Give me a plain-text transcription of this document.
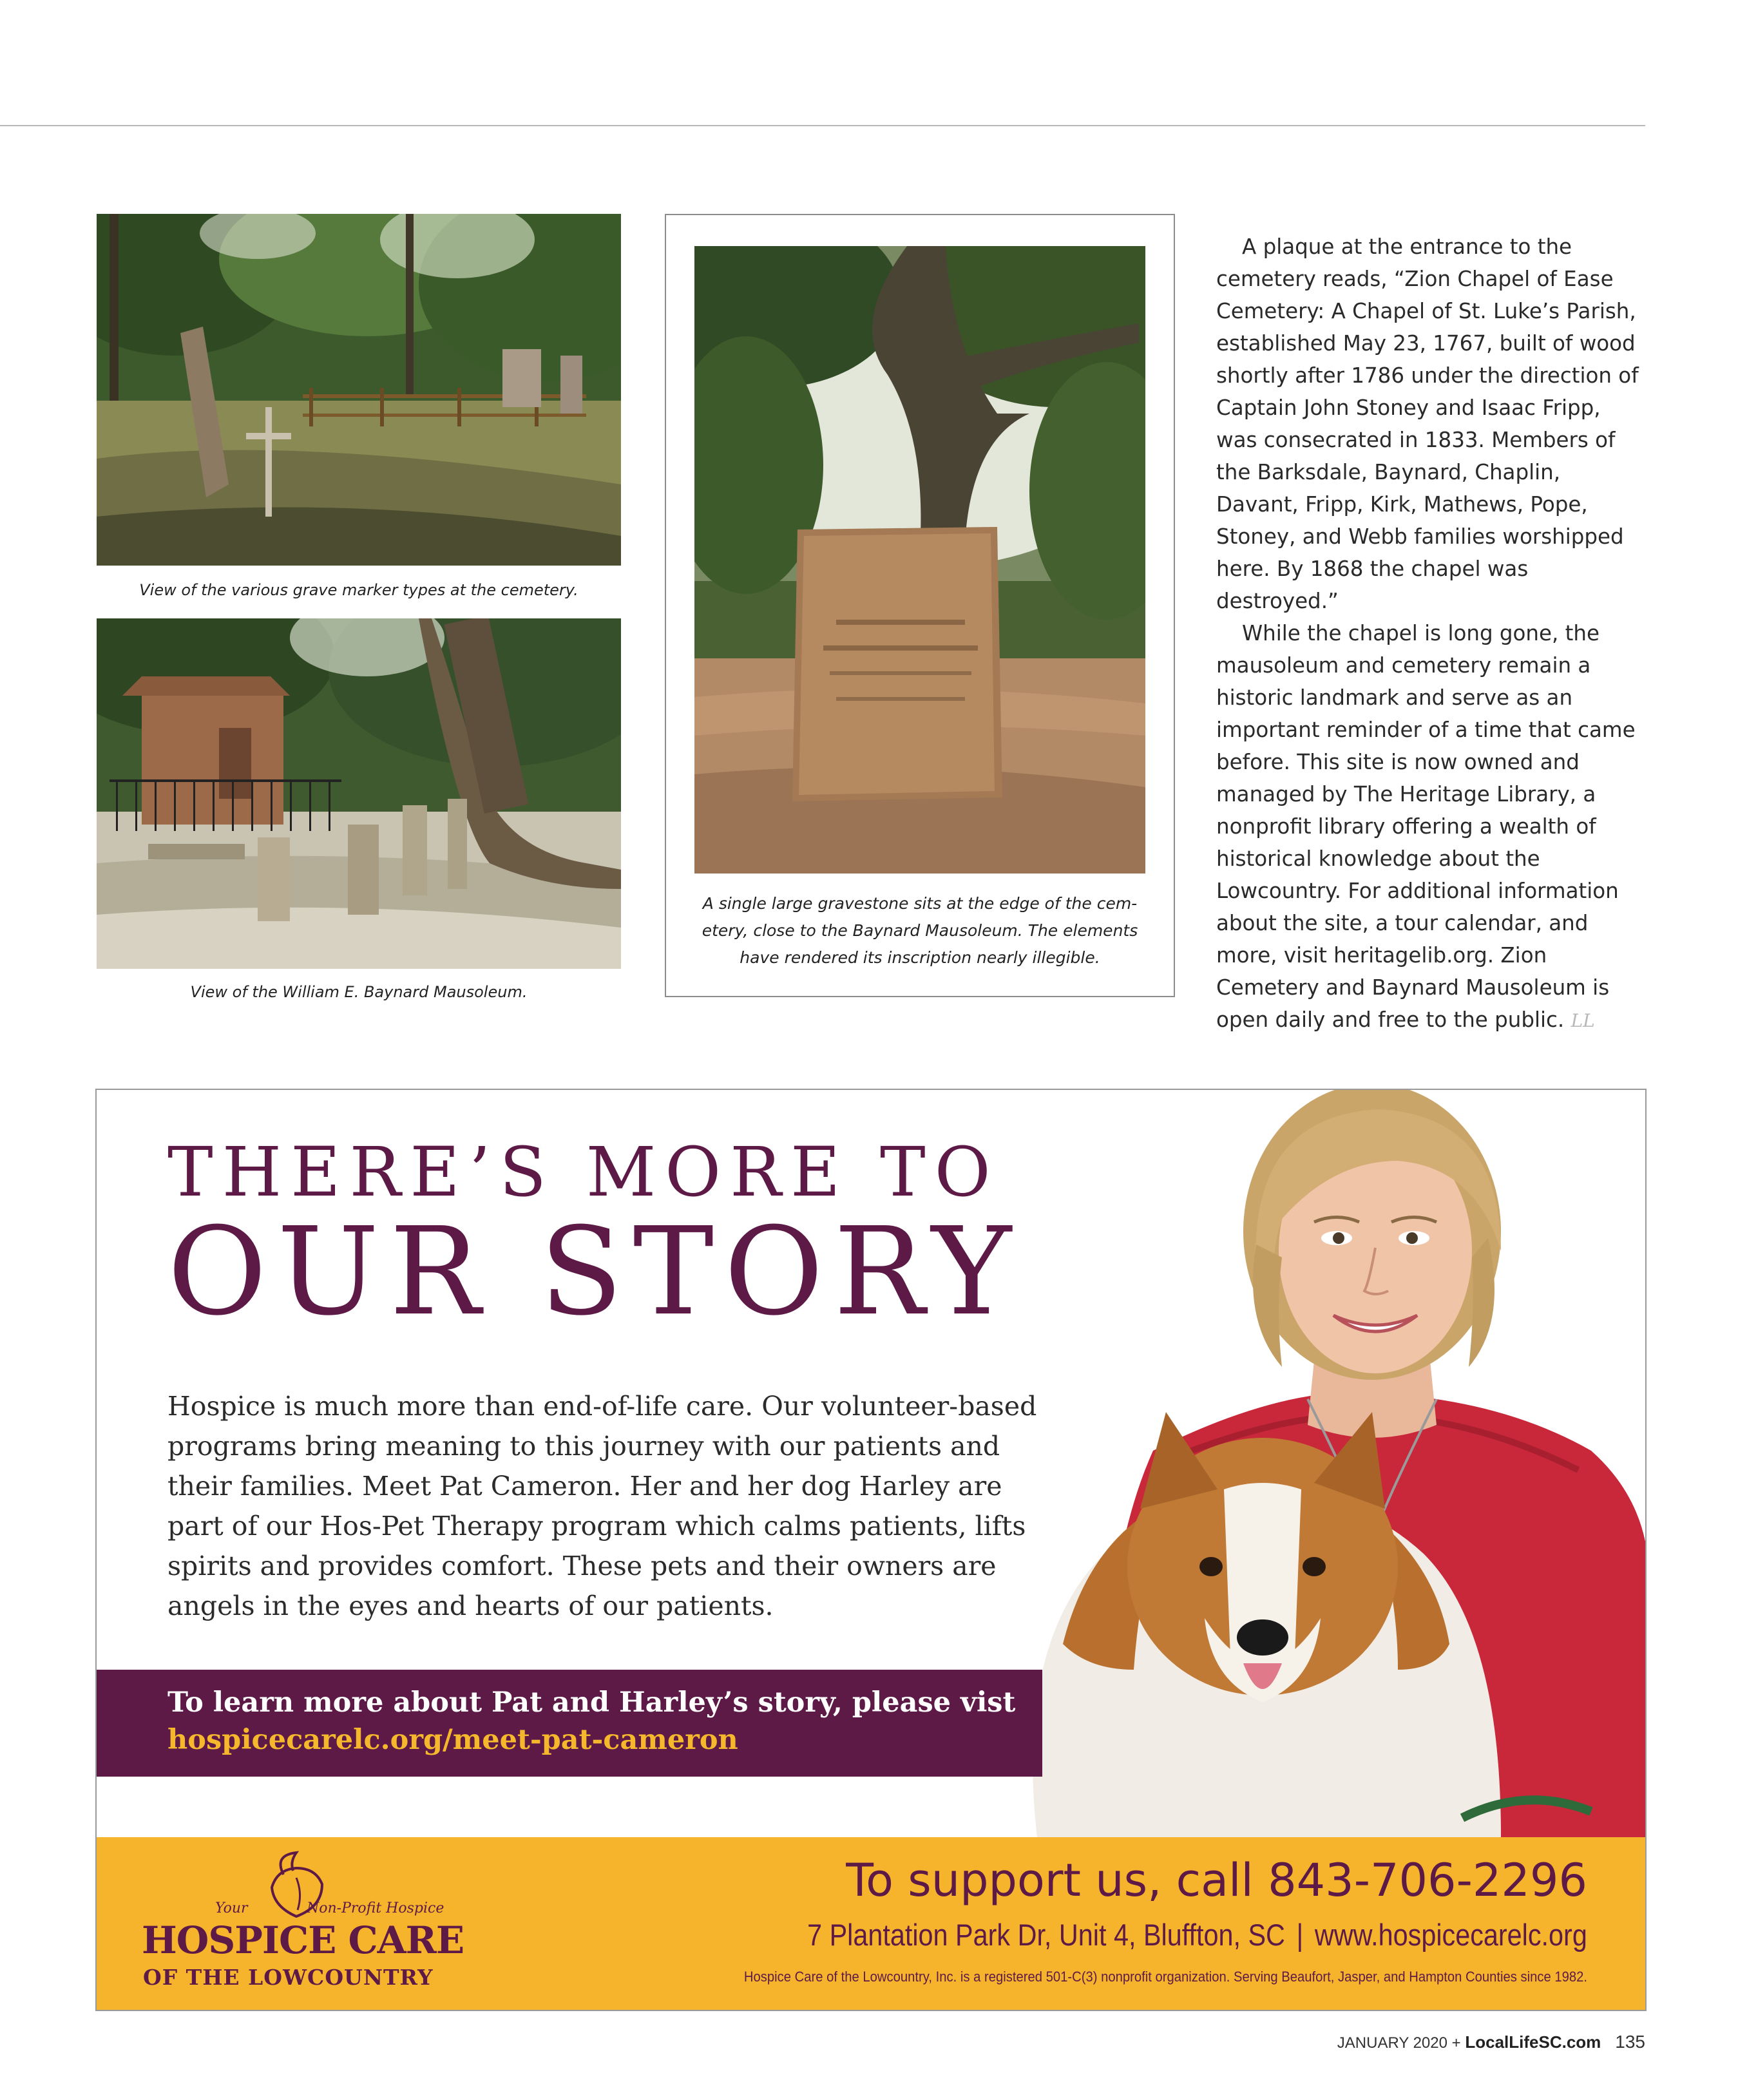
View of the various grave marker types at the cemetery.
View of the William E. Baynard Mausoleum.
A single large gravestone sits at the edge of the cem-
etery, close to the Baynard Mausoleum. The elements
have rendered its inscription nearly illegible.

A plaque at the entrance to the cemetery reads, “Zion Chapel of Ease Cemetery: A Chapel of St. Luke’s Parish, established May 23, 1767, built of wood shortly after 1786 under the direction of Captain John Stoney and Isaac Fripp, was consecrated in 1833. Members of the Barksdale, Baynard, Chaplin, Davant, Fripp, Kirk, Mathews, Pope, Stoney, and Webb families worshipped here. By 1868 the chapel was destroyed.”

While the chapel is long gone, the mausoleum and cemetery remain a historic landmark and serve as an important reminder of a time that came before. This site is now owned and managed by The Heritage Library, a nonprofit library offering a wealth of historical knowledge about the Lowcountry. For additional information about the site, a tour calendar, and more, visit heritagelib.org. Zion Cemetery and Baynard Mausoleum is open daily and free to the public. LL

THERE’S MORE TO
OUR STORY
Hospice is much more than end-of-life care. Our volunteer-based programs bring meaning to this journey with our patients and their families. Meet Pat Cameron. Her and her dog Harley are part of our Hos-Pet Therapy program which calms patients, lifts spirits and provides comfort. These pets and their owners are angels in the eyes and hearts of our patients.
To learn more about Pat and Harley’s story, please vist
hospicecarelc.org/meet-pat-cameron
Your	Non-Profit Hospice
HOSPICE CARE
OF THE LOWCOUNTRY
To support us, call 843-706-2296
7 Plantation Park Dr, Unit 4, Bluffton, SC | www.hospicecarelc.org
Hospice Care of the Lowcountry, Inc. is a registered 501-C(3) nonprofit organization. Serving Beaufort, Jasper, and Hampton Counties since 1982.
JANUARY 2020 + LocalLifeSC.com 135
